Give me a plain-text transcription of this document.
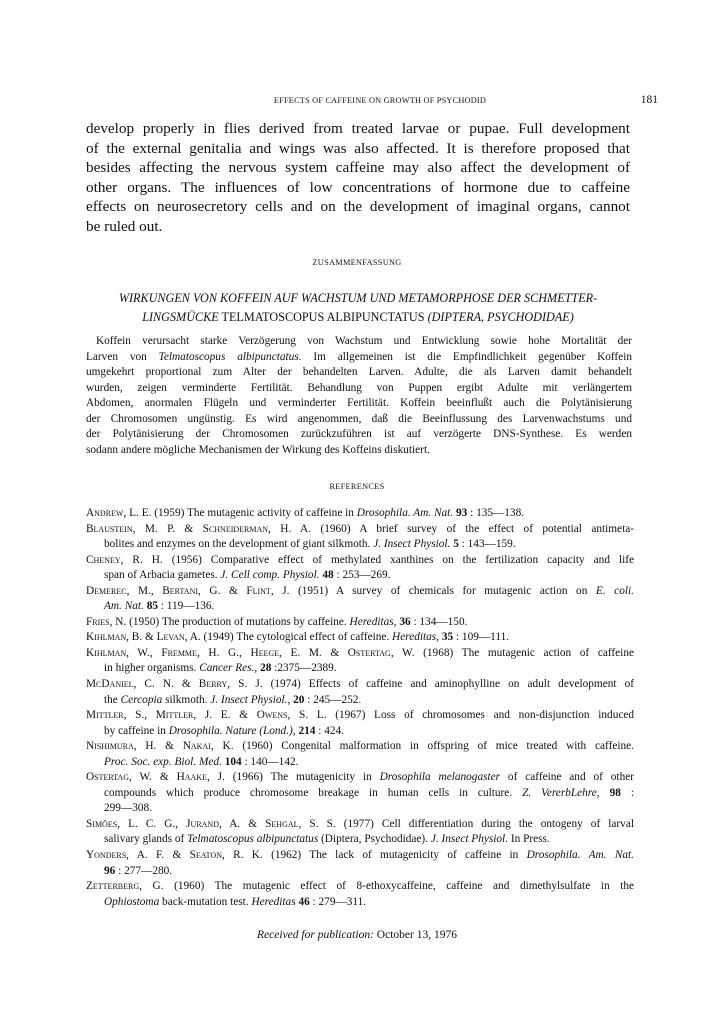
EFFECTS OF CAFFEINE ON GROWTH OF PSYCHODID	181
develop properly in flies derived from treated larvae or pupae. Full development
of the external genitalia and wings was also affected. It is therefore proposed that
besides affecting the nervous system caffeine may also affect the development of
other organs. The influences of low concentrations of hormone due to caffeine
effects on neurosecretory cells and on the development of imaginal organs, cannot
be ruled out.
ZUSAMMENFASSUNG
WIRKUNGEN VON KOFFEIN AUF WACHSTUM UND METAMORPHOSE DER SCHMETTER-
LINGSMÜCKE TELMATOSCOPUS ALBIPUNCTATUS (DIPTERA, PSYCHODIDAE)
Koffein verursacht starke Verzögerung von Wachstum und Entwicklung sowie hohe Mortalität der
Larven von Telmatoscopus albipunctatus. Im allgemeinen ist die Empfindlichkeit gegenüber Koffein
umgekehrt proportional zum Alter der behandelten Larven. Adulte, die als Larven damit behandelt
wurden, zeigen verminderte Fertilität. Behandlung von Puppen ergibt Adulte mit verlängertem
Abdomen, anormalen Flügeln und verminderter Fertilität. Koffein beeinflußt auch die Polytänisierung
der Chromosomen ungünstig. Es wird angenommen, daß die Beeinflussung des Larvenwachstums und
der Polytänisierung der Chromosomen zurückzuführen ist auf verzögerte DNS-Synthese. Es werden
sodann andere mögliche Mechanismen der Wirkung des Koffeins diskutiert.
REFERENCES
Andrew, L. E. (1959) The mutagenic activity of caffeine in Drosophila. Am. Nat. 93 : 135—138.
Blaustein, M. P. & Schneiderman, H. A. (1960) A brief survey of the effect of potential antimeta-
bolites and enzymes on the development of giant silkmoth. J. Insect Physiol. 5 : 143—159.
Cheney, R. H. (1956) Comparative effect of methylated xanthines on the fertilization capacity and life
span of Arbacia gametes. J. Cell comp. Physiol. 48 : 253—269.
Demerec, M., Bertani, G. & Flint, J. (1951) A survey of chemicals for mutagenic action on E. coli.
Am. Nat. 85 : 119—136.
Fries, N. (1950) The production of mutations by caffeine. Hereditas, 36 : 134—150.
Kihlman, B. & Levan, A. (1949) The cytological effect of caffeine. Hereditas, 35 : 109—111.
Kihlman, W., Fremme, H. G., Heege, E. M. & Ostertag, W. (1968) The mutagenic action of caffeine
in higher organisms. Cancer Res., 28 :2375—2389.
McDaniel, C. N. & Berry, S. J. (1974) Effects of caffeine and aminophylline on adult development of
the Cercopia silkmoth. J. Insect Physiol., 20 : 245—252.
Mittler, S., Mittler, J. E. & Owens, S. L. (1967) Loss of chromosomes and non-disjunction induced
by caffeine in Drosophila. Nature (Lond.), 214 : 424.
Nishimura, H. & Nakai, K. (1960) Congenital malformation in offspring of mice treated with caffeine.
Proc. Soc. exp. Biol. Med. 104 : 140—142.
Ostertag, W. & Haake, J. (1966) The mutagenicity in Drosophila melanogaster of caffeine and of other
compounds which produce chromosome breakage in human cells in culture. Z. VererbLehre, 98 :
299—308.
Simões, L. C. G., Jurand, A. & Sehgal, S. S. (1977) Cell differentiation during the ontogeny of larval
salivary glands of Telmatoscopus albipunctatus (Diptera, Psychodidae). J. Insect Physiol. In Press.
Yonders, A. F. & Seaton, R. K. (1962) The lack of mutagenicity of caffeine in Drosophila. Am. Nat.
96 : 277—280.
Zetterberg, G. (1960) The mutagenic effect of 8-ethoxycaffeine, caffeine and dimethylsulfate in the
Ophiostoma back-mutation test. Hereditas 46 : 279—311.
Received for publication: October 13, 1976
